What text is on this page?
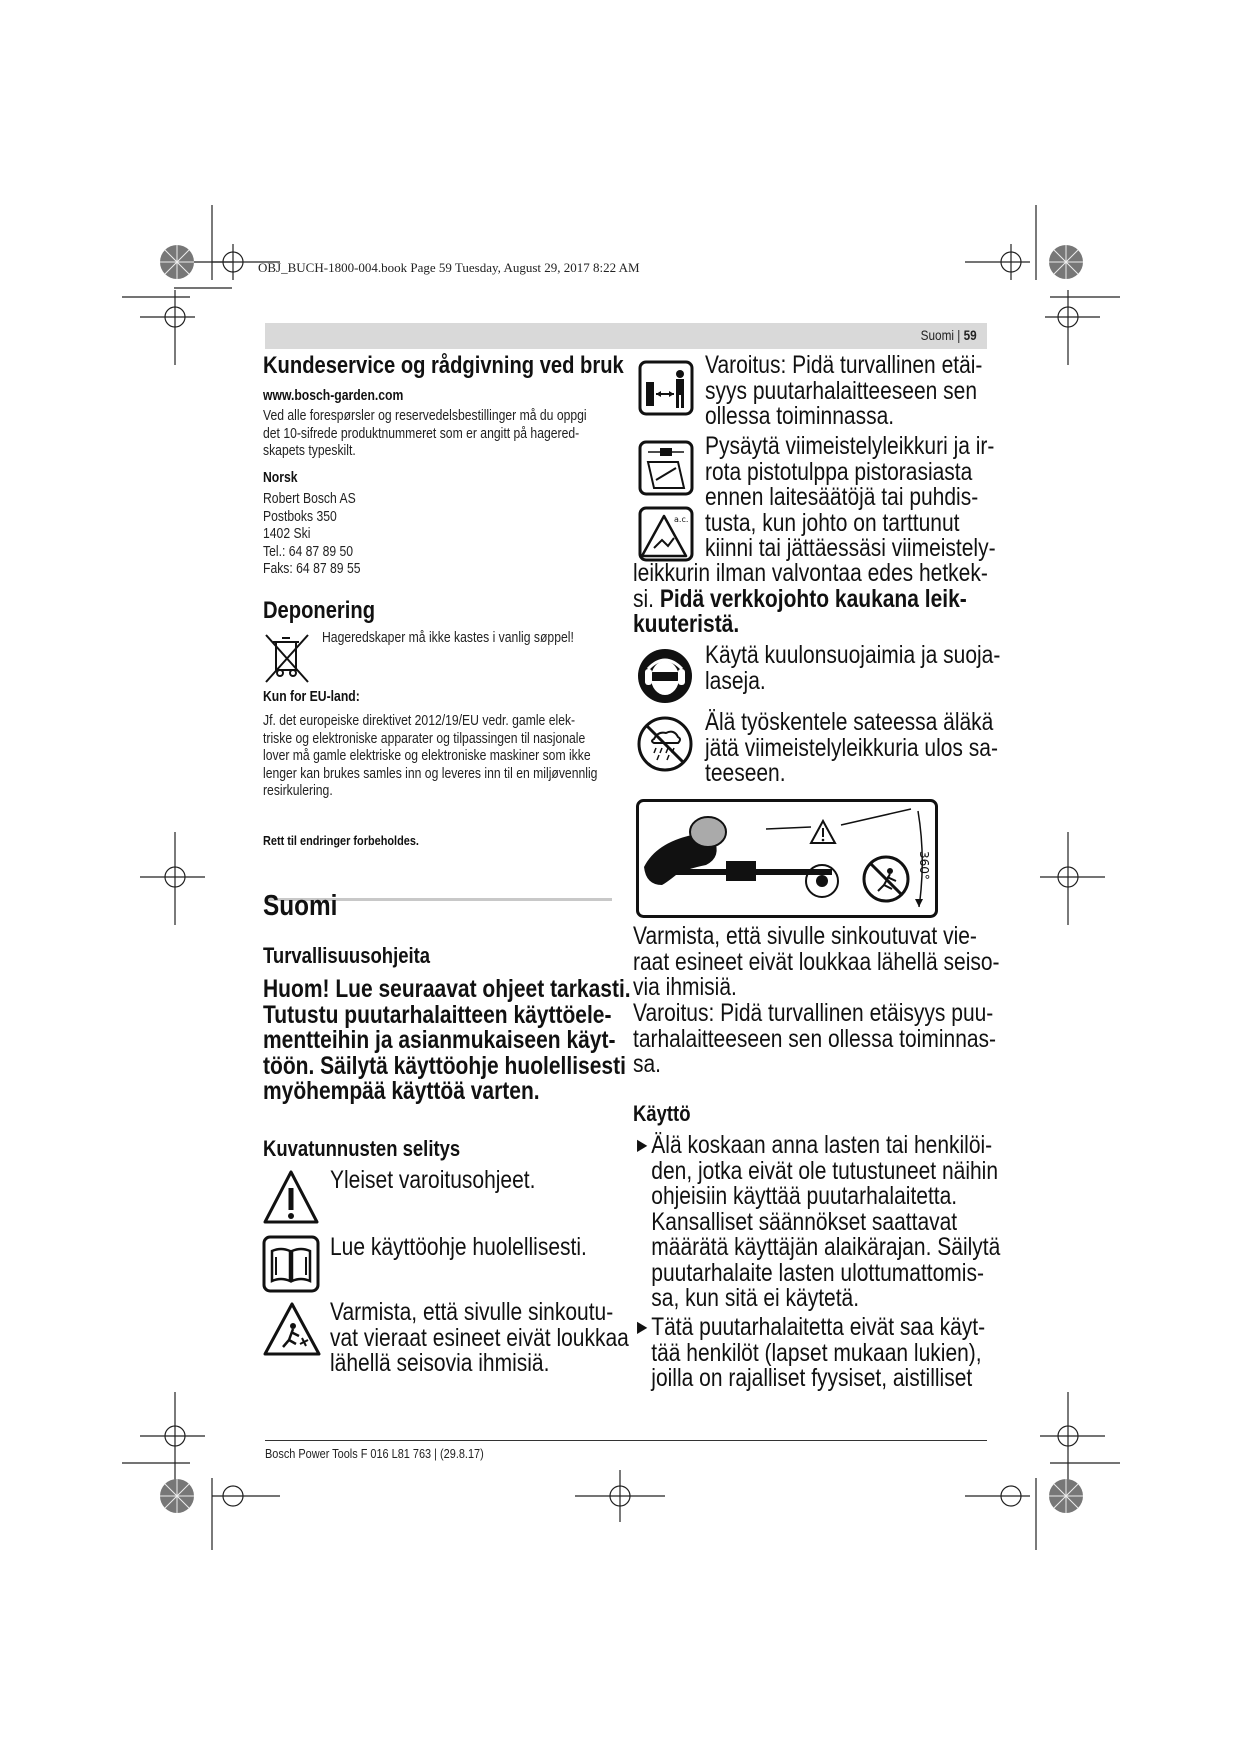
OBJ_BUCH-1800-004.book Page 59 Tuesday, August 29, 2017 8:22 AM
Suomi | 59
Kundeservice og rådgivning ved bruk
www.bosch-garden.com
Ved alle forespørsler og reservedelsbestillinger må du oppgi
det 10-sifrede produktnummeret som er angitt på hagered-
skapets typeskilt.
Norsk
Robert Bosch AS
Postboks 350
1402 Ski
Tel.: 64 87 89 50
Faks: 64 87 89 55
Deponering
Hageredskaper må ikke kastes i vanlig søppel!
Kun for EU-land:
Jf. det europeiske direktivet 2012/19/EU vedr. gamle elek-
triske og elektroniske apparater og tilpassingen til nasjonale
lover må gamle elektriske og elektroniske maskiner som ikke
lenger kan brukes samles inn og leveres inn til en miljøvennlig
resirkulering.
Rett til endringer forbeholdes.
Suomi
Turvallisuusohjeita
Huom! Lue seuraavat ohjeet tarkasti.
Tutustu puutarhalaitteen käyttöele-
mentteihin ja asianmukaiseen käyt-
töön. Säilytä käyttöohje huolellisesti
myöhempää käyttöä varten.
Kuvatunnusten selitys
Yleiset varoitusohjeet.
Lue käyttöohje huolellisesti.
Varmista, että sivulle sinkoutu-
vat vieraat esineet eivät loukkaa
lähellä seisovia ihmisiä.
Varoitus: Pidä turvallinen etäi-
syys puutarhalaitteeseen sen
ollessa toiminnassa.
a.c.
Pysäytä viimeistelyleikkuri ja ir-
rota pistotulppa pistorasiasta
ennen laitesäätöjä tai puhdis-
tusta, kun johto on tarttunut
kiinni tai jättäessäsi viimeistely-
leikkurin ilman valvontaa edes hetkek-
si. Pidä verkkojohto kaukana leik-
kuuteristä.
Käytä kuulonsuojaimia ja suoja-
laseja.
Älä työskentele sateessa äläkä
jätä viimeistelyleikkuria ulos sa-
teeseen.
360°
Varmista, että sivulle sinkoutuvat vie-
raat esineet eivät loukkaa lähellä seiso-
via ihmisiä.
Varoitus: Pidä turvallinen etäisyys puu-
tarhalaitteeseen sen ollessa toiminnas-
sa.
Käyttö
▶ Älä koskaan anna lasten tai henkilöi-
den, jotka eivät ole tutustuneet näihin
ohjeisiin käyttää puutarhalaitetta.
Kansalliset säännökset saattavat
määrätä käyttäjän alaikärajan. Säilytä
puutarhalaite lasten ulottumattomis-
sa, kun sitä ei käytetä.
▶ Tätä puutarhalaitetta eivät saa käyt-
tää henkilöt (lapset mukaan lukien),
joilla on rajalliset fyysiset, aistilliset
Bosch Power Tools F 016 L81 763 | (29.8.17)
